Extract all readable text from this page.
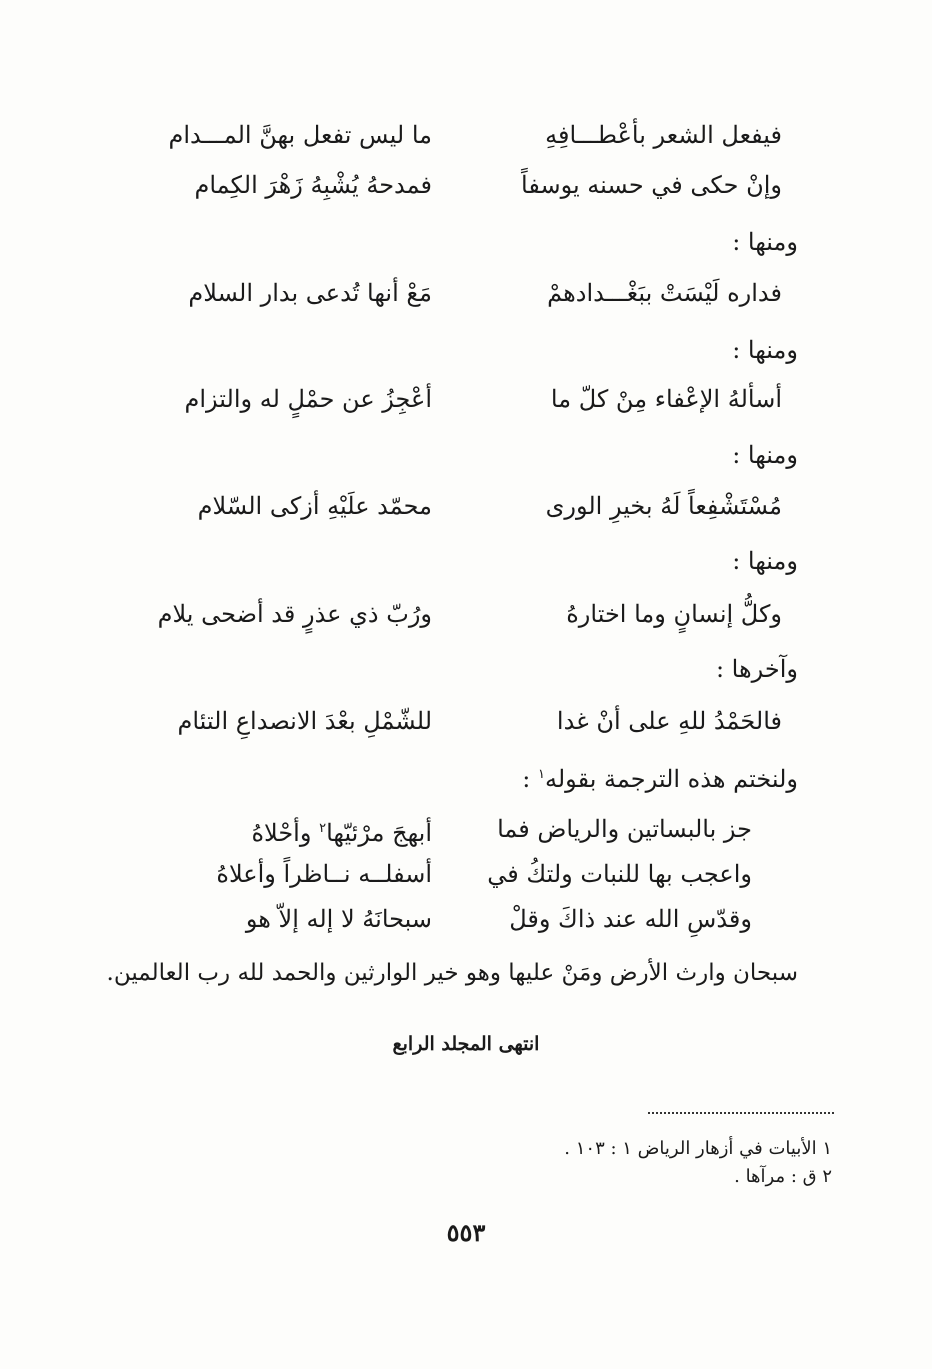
فيفعل الشعر بأعْطـــافِهِ
ما ليس تفعل بهنَّ المـــدام
وإنْ حكى في حسنه يوسفاً
فمدحهُ يُشْبِهُ زَهْرَ الكِمام
ومنها :
فداره لَيْسَتْ ببَغْـــدادهمْ
مَعْ أنها تُدعى بدار السلام
ومنها :
أسألهُ الإعْفاء مِنْ كلّ ما
أعْجِزُ عن حمْلٍ له والتزام
ومنها :
مُسْتَشْفِعاً لَهُ بخيرِ الورى
محمّد علَيْهِ أزكى السّلام
ومنها :
وكلُّ إنسانٍ وما اختارهُ
ورُبّ ذي عذرٍ قد أضحى يلام
وآخرها :
فالحَمْدُ للهِ على أنْ غدا
للشّمْلِ بعْدَ الانصداعِ التئام
ولنختم هذه الترجمة بقوله$^١$ :
جز بالبساتين والرياض فما
أبهجَ مرْئيّها$^٢$ وأحْلاهُ
واعجب بها للنبات ولتكُ في
أسفلــه نــاظراً وأعلاهُ
وقدّسِ الله عند ذاكَ وقلْ
سبحانَهُ لا إله إلاّ هو
سبحان وارث الأرض ومَنْ عليها وهو خير الوارثين والحمد لله رب العالمين.
انتهى المجلد الرابع
١ الأبيات في أزهار الرياض ١ : ١٠٣ .
٢ ق : مرآها .
٥٥٣
